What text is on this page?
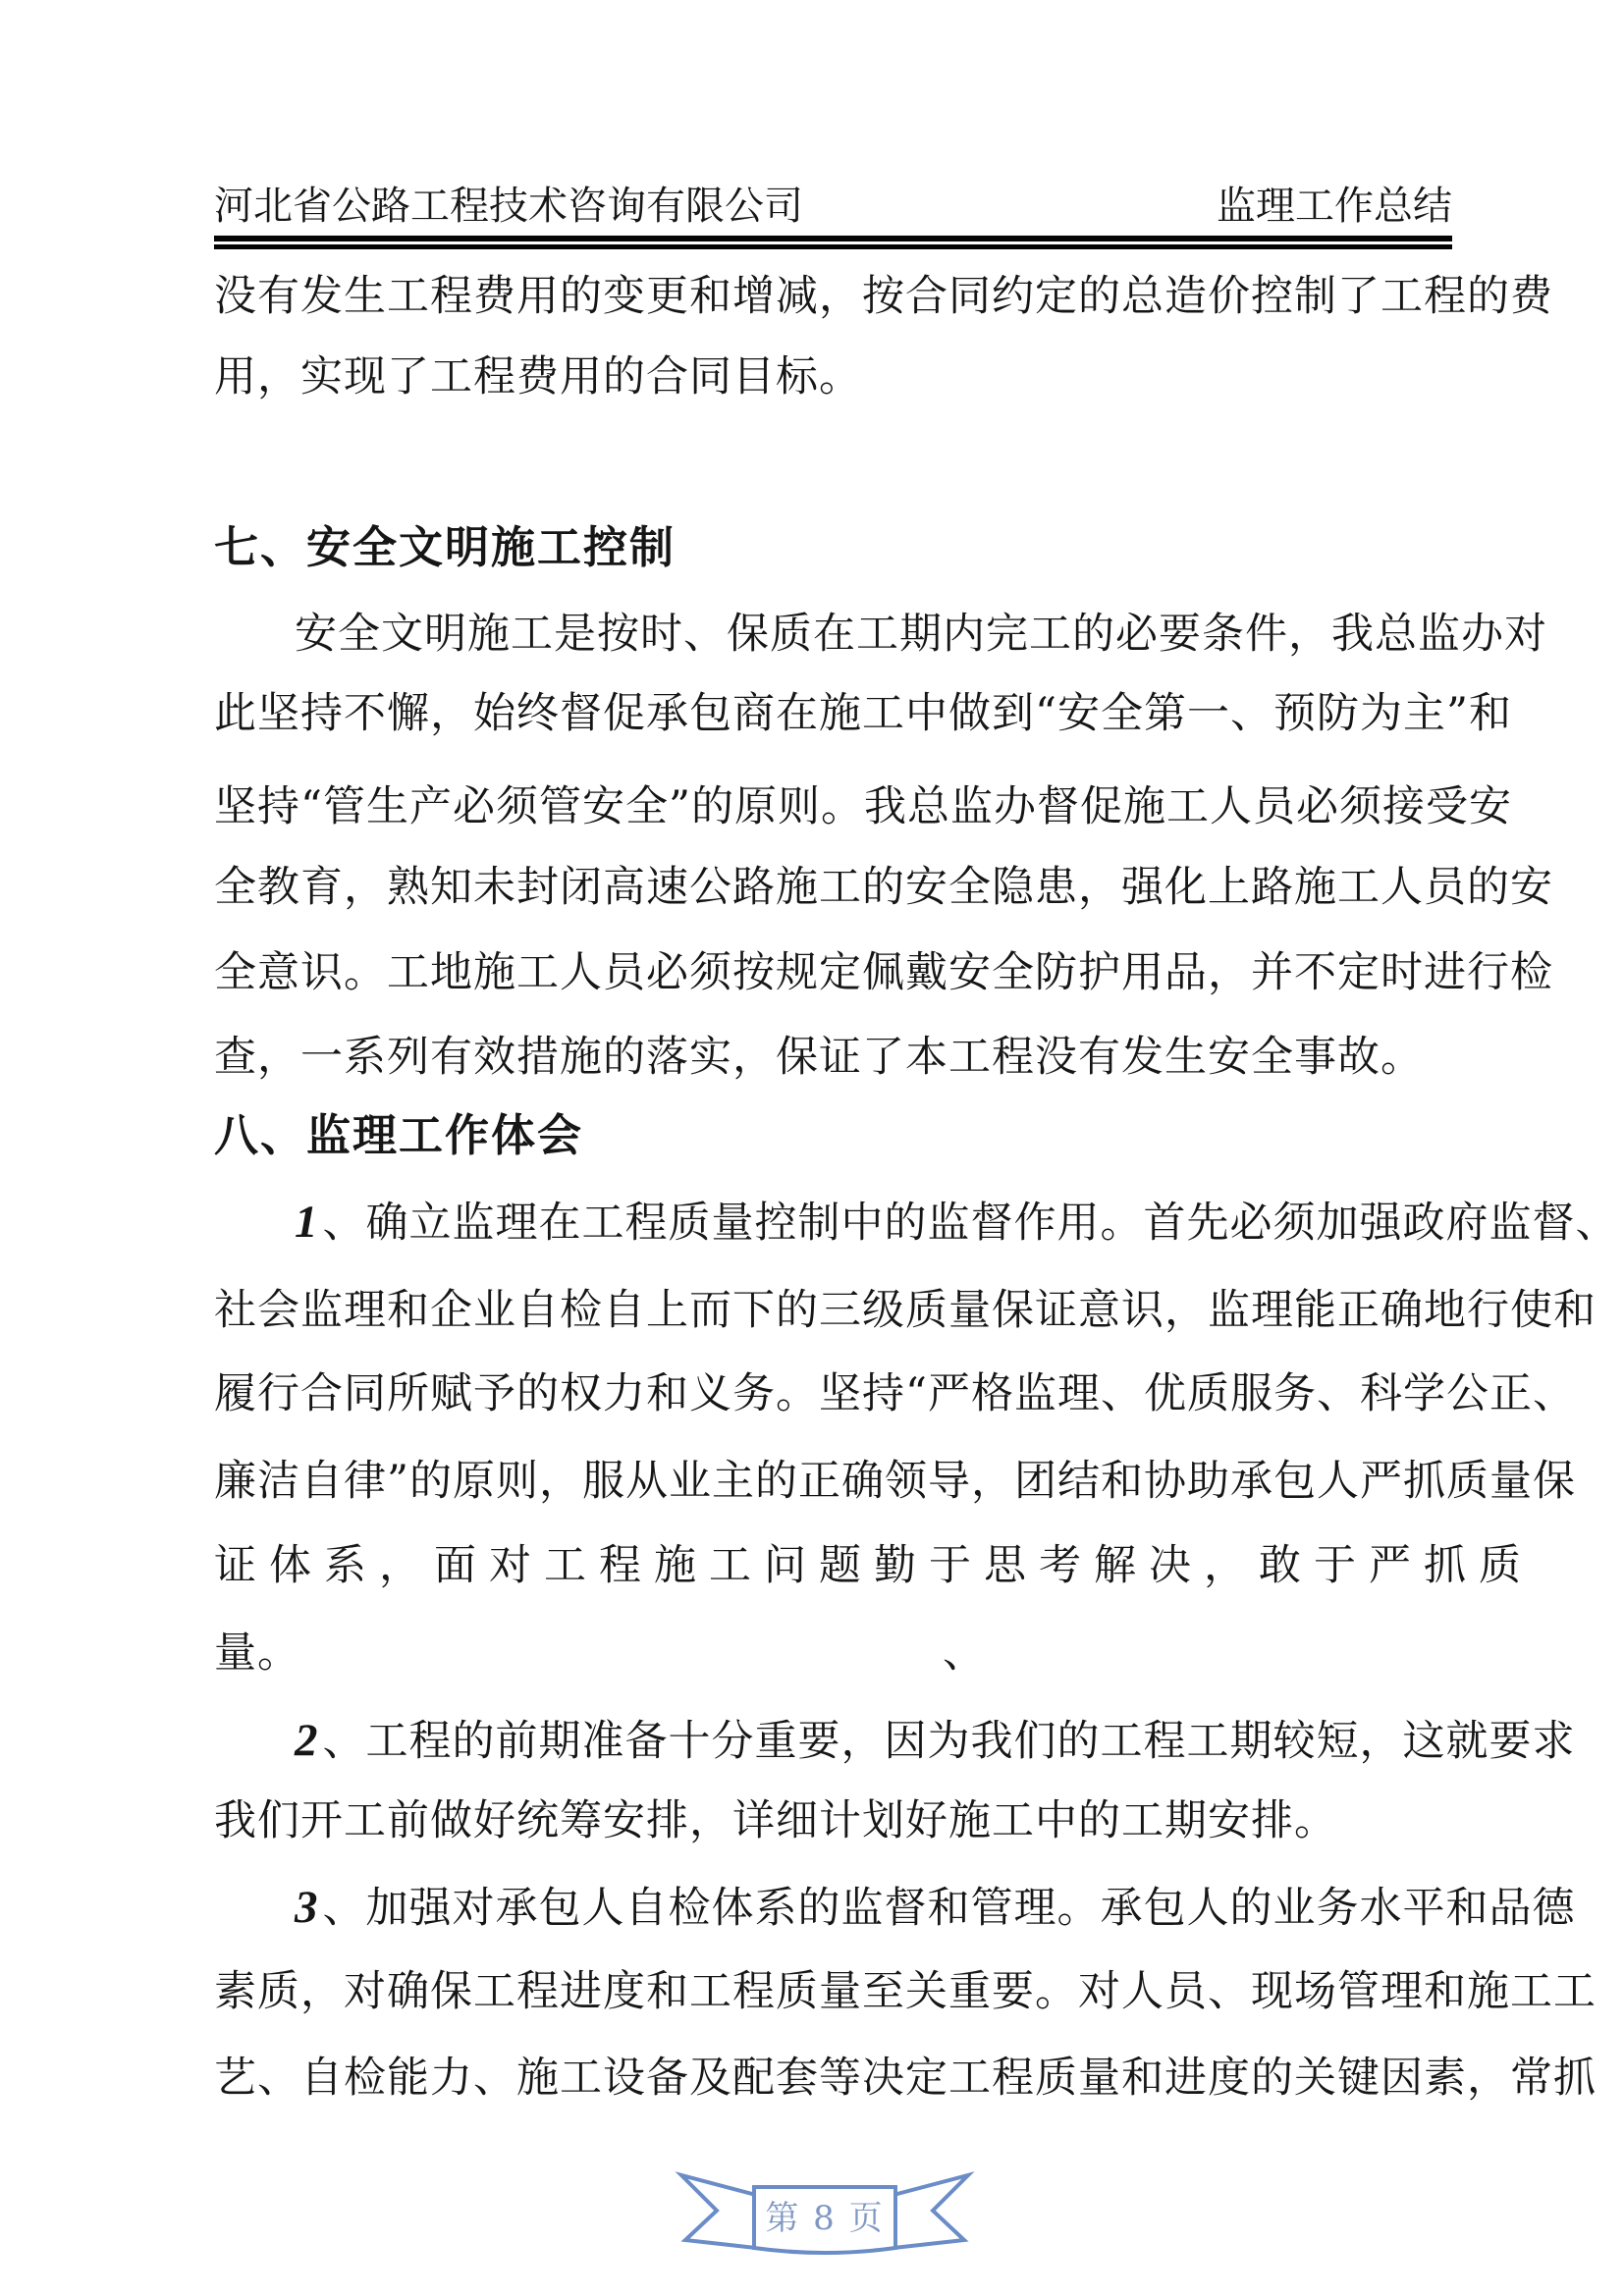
河北省公路工程技术咨询有限公司	监理工作总结
没有发生工程费用的变更和增减，按合同约定的总造价控制了工程的费
用，实现了工程费用的合同目标。
七、安全文明施工控制
安全文明施工是按时、保质在工期内完工的必要条件，我总监办对
此坚持不懈，始终督促承包商在施工中做到“安全第一、预防为主”和
坚持“管生产必须管安全”的原则。我总监办督促施工人员必须接受安
全教育，熟知未封闭高速公路施工的安全隐患，强化上路施工人员的安
全意识。工地施工人员必须按规定佩戴安全防护用品，并不定时进行检
查，一系列有效措施的落实，保证了本工程没有发生安全事故。
八、监理工作体会
1、确立监理在工程质量控制中的监督作用。首先必须加强政府监督、
社会监理和企业自检自上而下的三级质量保证意识，监理能正确地行使和
履行合同所赋予的权力和义务。坚持“严格监理、优质服务、科学公正、
廉洁自律”的原则，服从业主的正确领导，团结和协助承包人严抓质量保
证体系，面对工程施工问题勤于思考解决，敢于严抓质
量。	、
2、工程的前期准备十分重要，因为我们的工程工期较短，这就要求
我们开工前做好统筹安排，详细计划好施工中的工期安排。
3、加强对承包人自检体系的监督和管理。承包人的业务水平和品德
素质，对确保工程进度和工程质量至关重要。对人员、现场管理和施工工
艺、自检能力、施工设备及配套等决定工程质量和进度的关键因素，常抓
第 8 页
